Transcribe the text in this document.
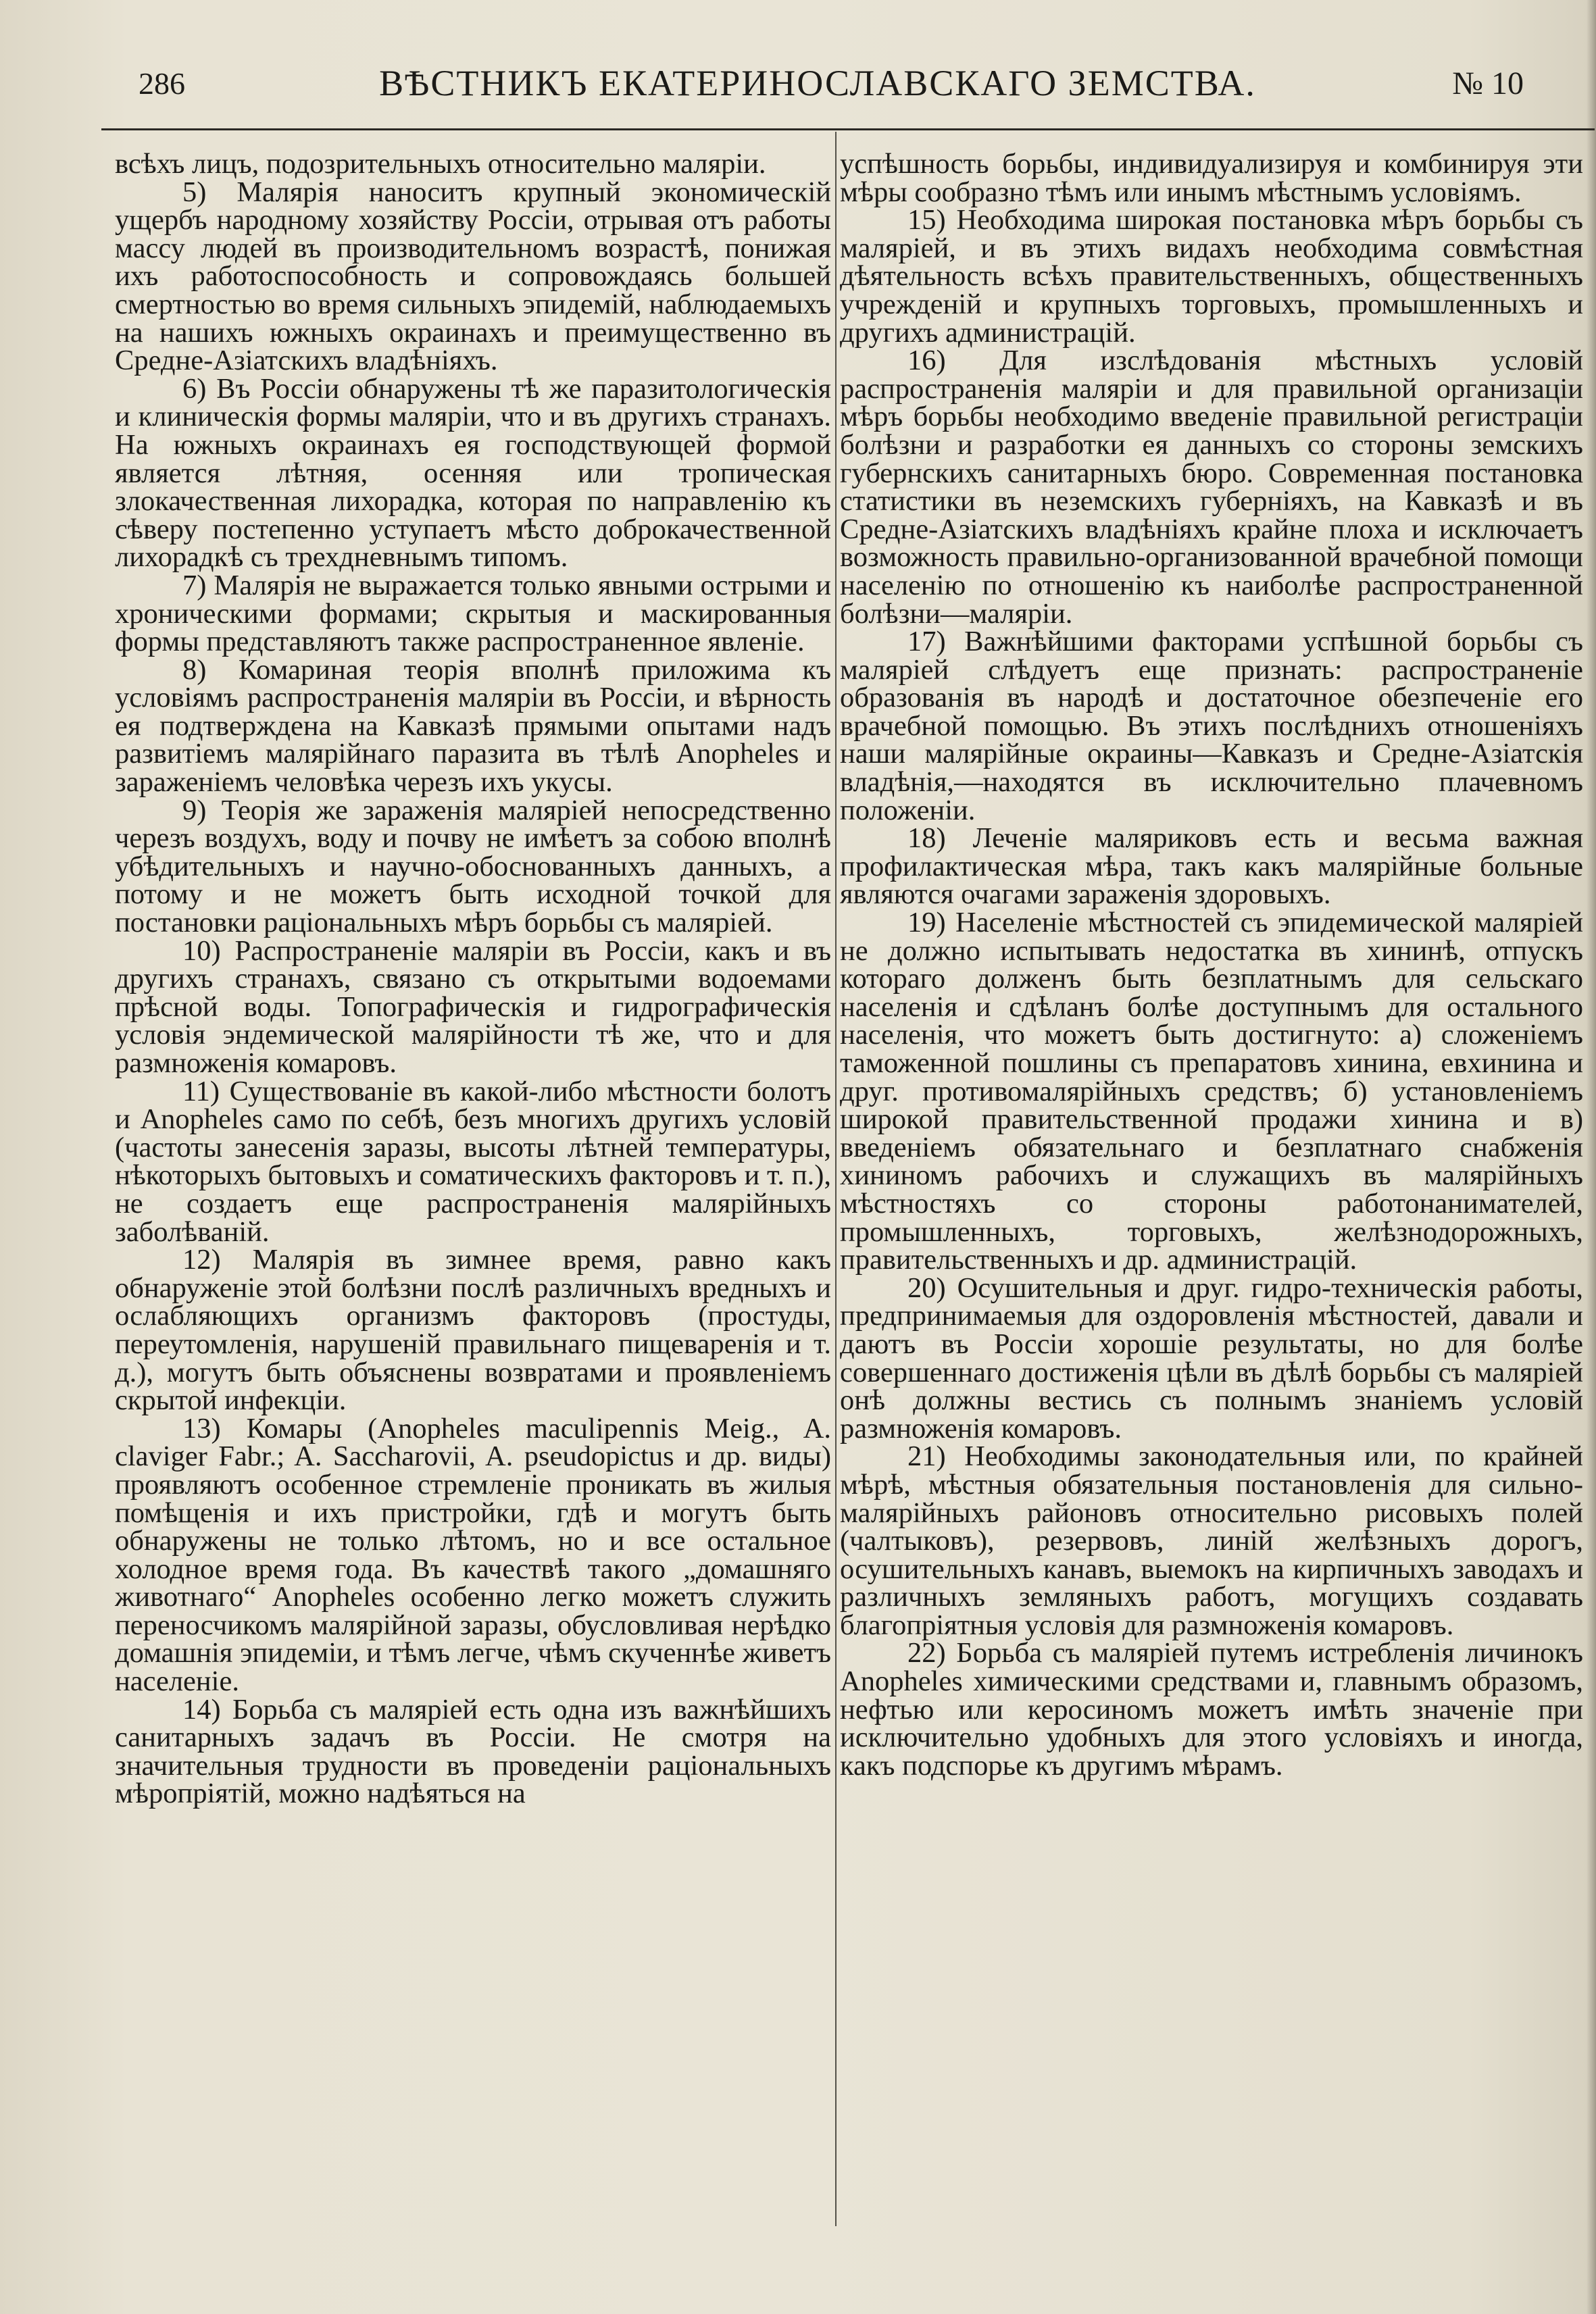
286	ВѢСТНИКЪ ЕКАТЕРИНОСЛАВСКАГО ЗЕМСТВА.	№ 10

всѣхъ лицъ, подозрительныхъ относительно малярiи.

5) Малярiя наноситъ крупный экономическiй ущербъ народному хозяйству Россiи, отрывая отъ работы массу людей въ производительномъ возрастѣ, понижая ихъ работоспособность и сопровождаясь большей смертностью во время сильныхъ эпидемiй, наблюдаемыхъ на нашихъ южныхъ окраинахъ и преимущественно въ Средне-Азiатскихъ владѣнiяхъ.

6) Въ Россiи обнаружены тѣ же паразитологическiя и клиническiя формы малярiи, что и въ другихъ странахъ. На южныхъ окраинахъ ея господствующей формой является лѣтняя, осенняя или тропическая злокачественная лихорадка, которая по направленiю къ сѣверу постепенно уступаетъ мѣсто доброкачественной лихорадкѣ съ трехдневнымъ типомъ.

7) Малярiя не выражается только явными острыми и хроническими формами; скрытыя и маскированныя формы представляютъ также распространенное явленiе.

8) Комариная теорiя вполнѣ приложима къ условiямъ распространенiя малярiи въ Россiи, и вѣрность ея подтверждена на Кавказѣ прямыми опытами надъ развитiемъ малярiйнаго паразита въ тѣлѣ Anopheles и зараженiемъ человѣка черезъ ихъ укусы.

9) Теорiя же зараженiя малярiей непосредственно черезъ воздухъ, воду и почву не имѣетъ за собою вполнѣ убѣдительныхъ и научно-обоснованныхъ данныхъ, а потому и не можетъ быть исходной точкой для постановки рацiональныхъ мѣръ борьбы съ малярiей.

10) Распространенiе малярiи въ Россiи, какъ и въ другихъ странахъ, связано съ открытыми водоемами прѣсной воды. Топографическiя и гидрографическiя условiя эндемической малярiйности тѣ же, что и для размноженiя комаровъ.

11) Существованiе въ какой-либо мѣстности болотъ и Anopheles само по себѣ, безъ многихъ другихъ условiй (частоты занесенiя заразы, высоты лѣтней температуры, нѣкоторыхъ бытовыхъ и соматическихъ факторовъ и т. п.), не создаетъ еще распространенiя малярiйныхъ заболѣванiй.

12) Малярiя въ зимнее время, равно какъ обнаруженiе этой болѣзни послѣ различныхъ вредныхъ и ослабляющихъ организмъ факторовъ (простуды, переутомленiя, нарушенiй правильнаго пищеваренiя и т. д.), могутъ быть объяснены возвратами и проявленiемъ скрытой инфекцiи.

13) Комары (Anopheles maculipennis Meig., A. claviger Fabr.; A. Saccharovii, A. pseudopictus и др. виды) проявляютъ особенное стремленiе проникать въ жилыя помѣщенiя и ихъ пристройки, гдѣ и могутъ быть обнаружены не только лѣтомъ, но и все остальное холодное время года. Въ качествѣ такого „домашняго животнаго“ Anopheles особенно легко можетъ служить переносчикомъ малярiйной заразы, обусловливая нерѣдко домашнiя эпидемiи, и тѣмъ легче, чѣмъ скученнѣе живетъ населенiе.

14) Борьба съ малярiей есть одна изъ важнѣйшихъ санитарныхъ задачъ въ Россiи. Не смотря на значительныя трудности въ проведенiи рацiональныхъ мѣропрiятiй, можно надѣяться на

успѣшность борьбы, индивидуализируя и комбинируя эти мѣры сообразно тѣмъ или инымъ мѣстнымъ условiямъ.

15) Необходима широкая постановка мѣръ борьбы съ малярiей, и въ этихъ видахъ необходима совмѣстная дѣятельность всѣхъ правительственныхъ, общественныхъ учрежденiй и крупныхъ торговыхъ, промышленныхъ и другихъ администрацiй.

16) Для изслѣдованiя мѣстныхъ условiй распространенiя малярiи и для правильной организацiи мѣръ борьбы необходимо введенiе правильной регистрацiи болѣзни и разработки ея данныхъ со стороны земскихъ губернскихъ санитарныхъ бюро. Современная постановка статистики въ неземскихъ губернiяхъ, на Кавказѣ и въ Средне-Азiатскихъ владѣнiяхъ крайне плоха и исключаетъ возможность правильно-организованной врачебной помощи населенiю по отношенiю къ наиболѣе распространенной болѣзни—малярiи.

17) Важнѣйшими факторами успѣшной борьбы съ малярiей слѣдуетъ еще признать: распространенiе образованiя въ народѣ и достаточное обезпеченiе его врачебной помощью. Въ этихъ послѣднихъ отношенiяхъ наши малярiйные окраины—Кавказъ и Средне-Азiатскiя владѣнiя,—находятся въ исключительно плачевномъ положенiи.

18) Леченiе маляриковъ есть и весьма важная профилактическая мѣра, такъ какъ малярiйные больные являются очагами зараженiя здоровыхъ.

19) Населенiе мѣстностей съ эпидемической малярiей не должно испытывать недостатка въ хининѣ, отпускъ котораго долженъ быть безплатнымъ для сельскаго населенiя и сдѣланъ болѣе доступнымъ для остального населенiя, что можетъ быть достигнуто: а) сложенiемъ таможенной пошлины съ препаратовъ хинина, евхинина и друг. противомалярiйныхъ средствъ; б) установленiемъ широкой правительственной продажи хинина и в) введенiемъ обязательнаго и безплатнаго снабженiя хининомъ рабочихъ и служащихъ въ малярiйныхъ мѣстностяхъ со стороны работонанимателей, промышленныхъ, торговыхъ, желѣзнодорожныхъ, правительственныхъ и др. администрацiй.

20) Осушительныя и друг. гидро-техническiя работы, предпринимаемыя для оздоровленiя мѣстностей, давали и даютъ въ Россiи хорошiе результаты, но для болѣе совершеннаго достиженiя цѣли въ дѣлѣ борьбы съ малярiей онѣ должны вестись съ полнымъ знанiемъ условiй размноженiя комаровъ.

21) Необходимы законодательныя или, по крайней мѣрѣ, мѣстныя обязательныя постановленiя для сильно-малярiйныхъ районовъ относительно рисовыхъ полей (чалтыковъ), резервовъ, линiй желѣзныхъ дорогъ, осушительныхъ канавъ, выемокъ на кирпичныхъ заводахъ и различныхъ земляныхъ работъ, могущихъ создавать благопрiятныя условiя для размноженiя комаровъ.

22) Борьба съ малярiей путемъ истребленiя личинокъ Anopheles химическими средствами и, главнымъ образомъ, нефтью или керосиномъ можетъ имѣть значенiе при исключительно удобныхъ для этого условiяхъ и иногда, какъ подспорье къ другимъ мѣрамъ.
